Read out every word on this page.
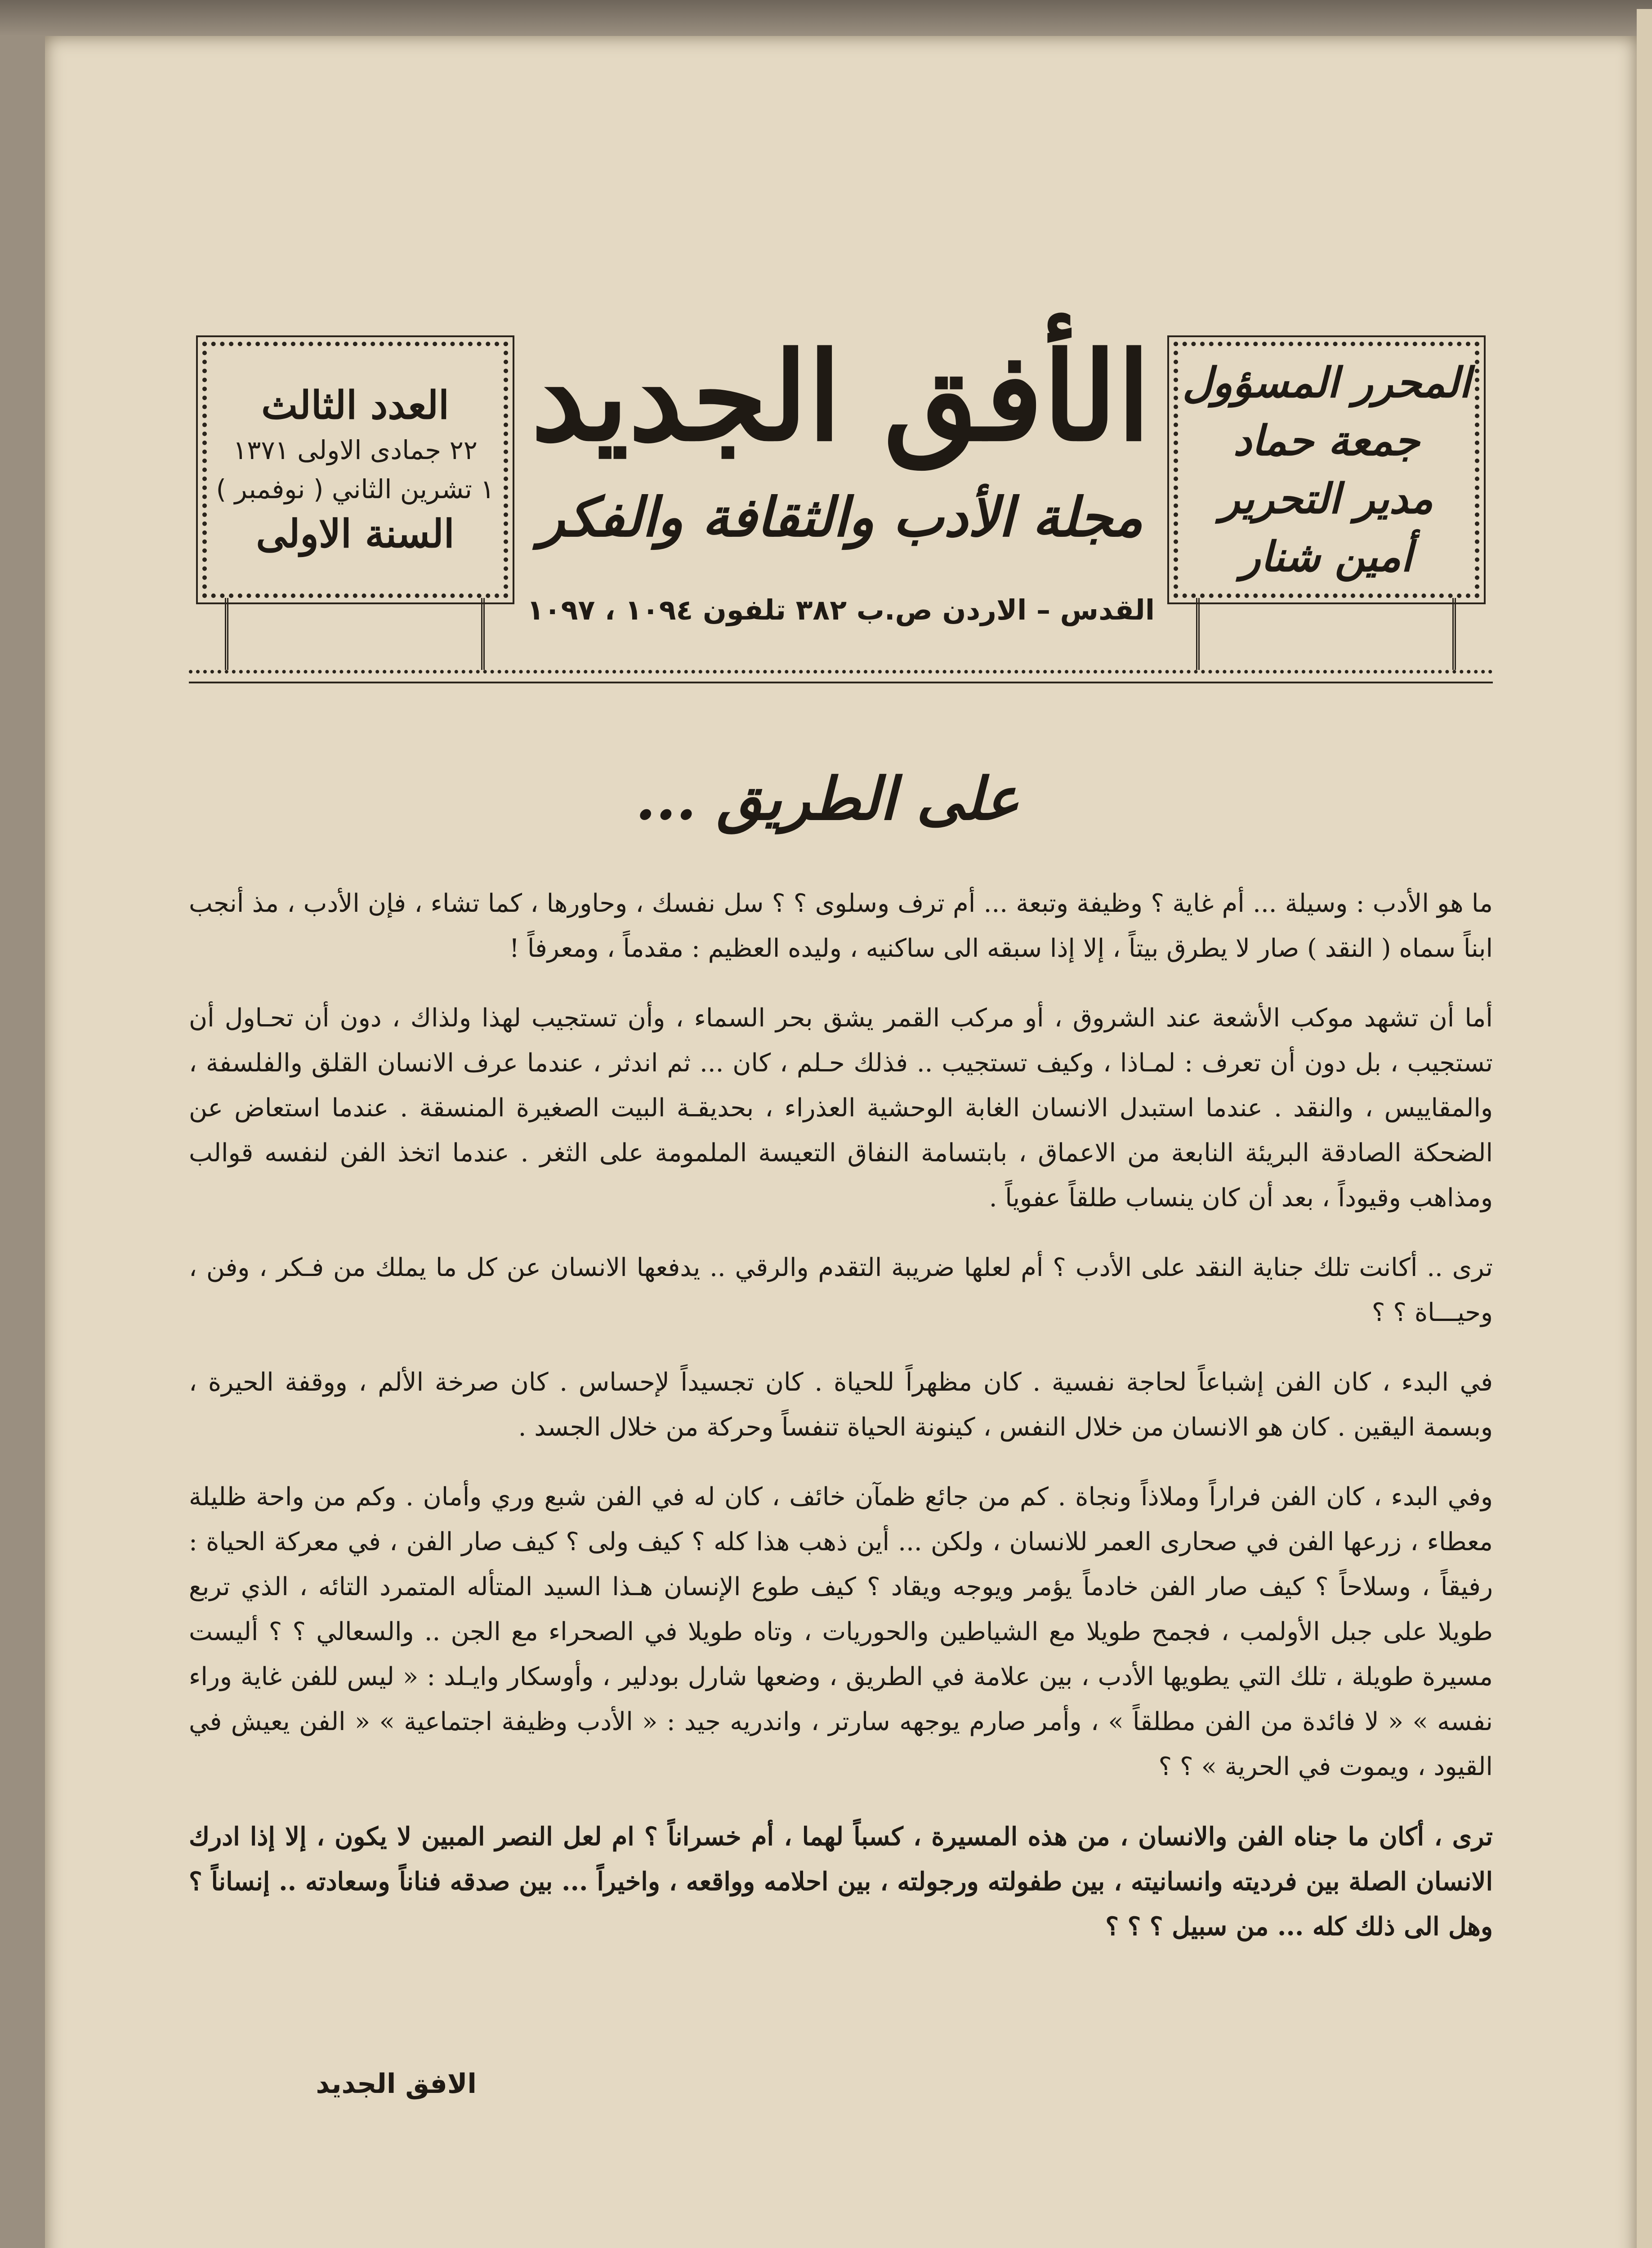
المحرر المسؤول
جمعة حماد
مدير التحرير
أمين شنار
الأفق الجديد
مجلة الأدب والثقافة والفكر
القدس – الاردن ص.ب ٣٨٢ تلفون ١٠٩٤ ، ١٠٩٧
العدد الثالث
٢٢ جمادى الاولى ١٣٧١
١ تشرين الثاني ( نوفمبر )
السنة الاولى
على الطريق ...

ما هو الأدب : وسيلة ... أم غاية ؟ وظيفة وتبعة ... أم ترف وسلوى ؟ ؟ سل نفسك ، وحاورها ، كما تشاء ، فإن الأدب ، مذ أنجب ابناً سماه ( النقد ) صار لا يطرق بيتاً ، إلا إذا سبقه الى ساكنيه ، وليده العظيم : مقدماً ، ومعرفاً !

أما أن تشهد موكب الأشعة عند الشروق ، أو مركب القمر يشق بحر السماء ، وأن تستجيب لهذا ولذاك ، دون أن تحـاول أن تستجيب ، بل دون أن تعرف : لمـاذا ، وكيف تستجيب .. فذلك حـلم ، كان ... ثم اندثر ، عندما عرف الانسان القلق والفلسفة ، والمقاييس ، والنقد . عندما استبدل الانسان الغابة الوحشية العذراء ، بحديقـة البيت الصغيرة المنسقة . عندما استعاض عن الضحكة الصادقة البريئة النابعة من الاعماق ، بابتسامة النفاق التعيسة الملمومة على الثغر . عندما اتخذ الفن لنفسه قوالب ومذاهب وقيوداً ، بعد أن كان ينساب طلقاً عفوياً .

ترى .. أكانت تلك جناية النقد على الأدب ؟ أم لعلها ضريبة التقدم والرقي .. يدفعها الانسان عن كل ما يملك من فـكر ، وفن ، وحيـــاة ؟ ؟

في البدء ، كان الفن إشباعاً لحاجة نفسية . كان مظهراً للحياة . كان تجسيداً لإحساس . كان صرخة الألم ، ووقفة الحيرة ، وبسمة اليقين . كان هو الانسان من خلال النفس ، كينونة الحياة تنفساً وحركة من خلال الجسد .

وفي البدء ، كان الفن فراراً وملاذاً ونجاة . كم من جائع ظمآن خائف ، كان له في الفن شبع وري وأمان . وكم من واحة ظليلة معطاء ، زرعها الفن في صحارى العمر للانسان ، ولكن ... أين ذهب هذا كله ؟ كيف ولى ؟ كيف صار الفن ، في معركة الحياة : رفيقاً ، وسلاحاً ؟ كيف صار الفن خادماً يؤمر ويوجه ويقاد ؟ كيف طوع الإنسان هـذا السيد المتأله المتمرد التائه ، الذي تربع طويلا على جبل الأولمب ، فجمح طويلا مع الشياطين والحوريات ، وتاه طويلا في الصحراء مع الجن .. والسعالي ؟ ؟ أليست مسيرة طويلة ، تلك التي يطويها الأدب ، بين علامة في الطريق ، وضعها شارل بودلير ، وأوسكار وايـلد : « ليس للفن غاية وراء نفسه » « لا فائدة من الفن مطلقاً » ، وأمر صارم يوجهه سارتر ، واندريه جيد : « الأدب وظيفة اجتماعية » « الفن يعيش في القيود ، ويموت في الحرية » ؟ ؟

ترى ، أكان ما جناه الفن والانسان ، من هذه المسيرة ، كسباً لهما ، أم خسراناً ؟ ام لعل النصر المبين لا يكون ، إلا إذا ادرك الانسان الصلة بين فرديته وانسانيته ، بين طفولته ورجولته ، بين احلامه وواقعه ، واخيراً ... بين صدقه فناناً وسعادته .. إنساناً ؟ وهل الى ذلك كله ... من سبيل ؟ ؟ ؟

الافق الجديد
